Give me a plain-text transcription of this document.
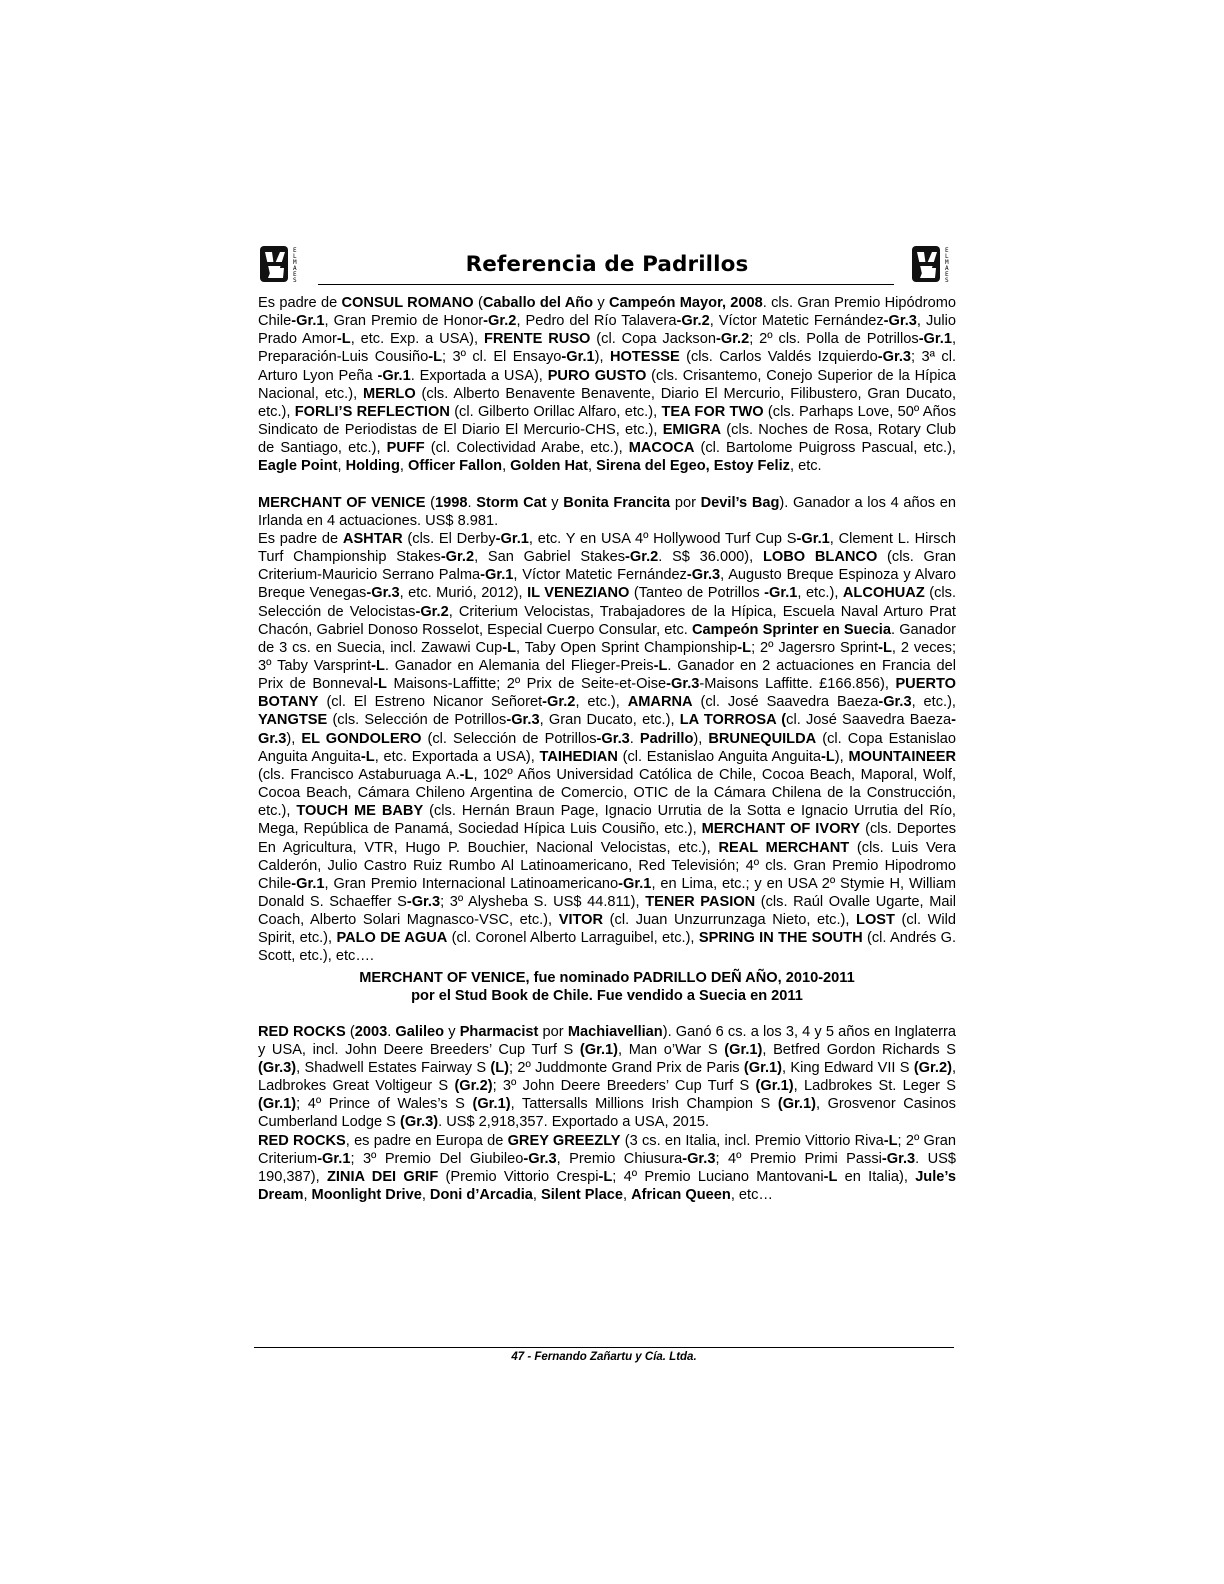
E
L
M
A
E
S
Referencia de Padrillos
E
L
M
A
E
S

Es padre de CONSUL ROMANO (Caballo del Año y Campeón Mayor, 2008. cls. Gran Premio Hipódromo Chile-Gr.1, Gran Premio de Honor-Gr.2, Pedro del Río Talavera-Gr.2, Víctor Matetic Fernández-Gr.3, Julio Prado Amor-L, etc. Exp. a USA), FRENTE RUSO (cl. Copa Jackson-Gr.2; 2º cls. Polla de Potrillos-Gr.1, Preparación-Luis Cousiño-L; 3º cl. El Ensayo-Gr.1), HOTESSE (cls. Carlos Valdés Izquierdo-Gr.3; 3ª cl. Arturo Lyon Peña -Gr.1. Exportada a USA), PURO GUSTO (cls. Crisantemo, Conejo Superior de la Hípica Nacional, etc.), MERLO (cls. Alberto Benavente Benavente, Diario El Mercurio, Filibustero, Gran Ducato, etc.), FORLI’S REFLECTION (cl. Gilberto Orillac Alfaro, etc.), TEA FOR TWO (cls. Parhaps Love, 50º Años Sindicato de Periodistas de El Diario El Mercurio-CHS, etc.), EMIGRA (cls. Noches de Rosa, Rotary Club de Santiago, etc.), PUFF (cl. Colectividad Arabe, etc.), MACOCA (cl. Bartolome Puigross Pascual, etc.), Eagle Point, Holding, Officer Fallon, Golden Hat, Sirena del Egeo, Estoy Feliz, etc.

MERCHANT OF VENICE (1998. Storm Cat y Bonita Francita por Devil’s Bag). Ganador a los 4 años en Irlanda en 4 actuaciones. US$ 8.981.

Es padre de ASHTAR (cls. El Derby-Gr.1, etc. Y en USA 4º Hollywood Turf Cup S-Gr.1, Clement L. Hirsch Turf Championship Stakes-Gr.2, San Gabriel Stakes-Gr.2. S$ 36.000), LOBO BLANCO (cls. Gran Criterium-Mauricio Serrano Palma-Gr.1, Víctor Matetic Fernández-Gr.3, Augusto Breque Espinoza y Alvaro Breque Venegas-Gr.3, etc. Murió, 2012), IL VENEZIANO (Tanteo de Potrillos -Gr.1, etc.), ALCOHUAZ (cls. Selección de Velocistas-Gr.2, Criterium Velocistas, Trabajadores de la Hípica, Escuela Naval Arturo Prat Chacón, Gabriel Donoso Rosselot, Especial Cuerpo Consular, etc. Campeón Sprinter en Suecia. Ganador de 3 cs. en Suecia, incl. Zawawi Cup-L, Taby Open Sprint Championship-L; 2º Jagersro Sprint-L, 2 veces; 3º Taby Varsprint-L. Ganador en Alemania del Flieger-Preis-L. Ganador en 2 actuaciones en Francia del Prix de Bonneval-L Maisons-Laffitte; 2º Prix de Seite-et-Oise-Gr.3-Maisons Laffitte. £166.856), PUERTO BOTANY (cl. El Estreno Nicanor Señoret-Gr.2, etc.), AMARNA (cl. José Saavedra Baeza-Gr.3, etc.), YANGTSE (cls. Selección de Potrillos-Gr.3, Gran Ducato, etc.), LA TORROSA (cl. José Saavedra Baeza-Gr.3), EL GONDOLERO (cl. Selección de Potrillos-Gr.3. Padrillo), BRUNEQUILDA (cl. Copa Estanislao Anguita Anguita-L, etc. Exportada a USA), TAIHEDIAN (cl. Estanislao Anguita Anguita-L), MOUNTAINEER (cls. Francisco Astaburuaga A.-L, 102º Años Universidad Católica de Chile, Cocoa Beach, Maporal, Wolf, Cocoa Beach, Cámara Chileno Argentina de Comercio, OTIC de la Cámara Chilena de la Construcción, etc.), TOUCH ME BABY (cls. Hernán Braun Page, Ignacio Urrutia de la Sotta e Ignacio Urrutia del Río, Mega, República de Panamá, Sociedad Hípica Luis Cousiño, etc.), MERCHANT OF IVORY (cls. Deportes En Agricultura, VTR, Hugo P. Bouchier, Nacional Velocistas, etc.), REAL MERCHANT (cls. Luis Vera Calderón, Julio Castro Ruiz Rumbo Al Latinoamericano, Red Televisión; 4º cls. Gran Premio Hipodromo Chile-Gr.1, Gran Premio Internacional Latinoamericano-Gr.1, en Lima, etc.; y en USA 2º Stymie H, William Donald S. Schaeffer S-Gr.3; 3º Alysheba S. US$ 44.811), TENER PASION (cls. Raúl Ovalle Ugarte, Mail Coach, Alberto Solari Magnasco-VSC, etc.), VITOR (cl. Juan Unzurrunzaga Nieto, etc.), LOST (cl. Wild Spirit, etc.), PALO DE AGUA (cl. Coronel Alberto Larraguibel, etc.), SPRING IN THE SOUTH (cl. Andrés G. Scott, etc.), etc….

MERCHANT OF VENICE, fue nominado PADRILLO DEÑ AÑO, 2010-2011
por el Stud Book de Chile. Fue vendido a Suecia en 2011

RED ROCKS (2003. Galileo y Pharmacist por Machiavellian). Ganó 6 cs. a los 3, 4 y 5 años en Inglaterra y USA, incl. John Deere Breeders’ Cup Turf S (Gr.1), Man o’War S (Gr.1), Betfred Gordon Richards S (Gr.3), Shadwell Estates Fairway S (L); 2º Juddmonte Grand Prix de Paris (Gr.1), King Edward VII S (Gr.2), Ladbrokes Great Voltigeur S (Gr.2); 3º John Deere Breeders’ Cup Turf S (Gr.1), Ladbrokes St. Leger S (Gr.1); 4º Prince of Wales’s S (Gr.1), Tattersalls Millions Irish Champion S (Gr.1), Grosvenor Casinos Cumberland Lodge S (Gr.3). US$ 2,918,357. Exportado a USA, 2015.

RED ROCKS, es padre en Europa de GREY GREEZLY (3 cs. en Italia, incl. Premio Vittorio Riva-L; 2º Gran Criterium-Gr.1; 3º Premio Del Giubileo-Gr.3, Premio Chiusura-Gr.3; 4º Premio Primi Passi-Gr.3. US$ 190,387), ZINIA DEI GRIF (Premio Vittorio Crespi-L; 4º Premio Luciano Mantovani-L en Italia), Jule’s Dream, Moonlight Drive, Doni d’Arcadia, Silent Place, African Queen, etc…

47 - Fernando Zañartu y Cía. Ltda.
